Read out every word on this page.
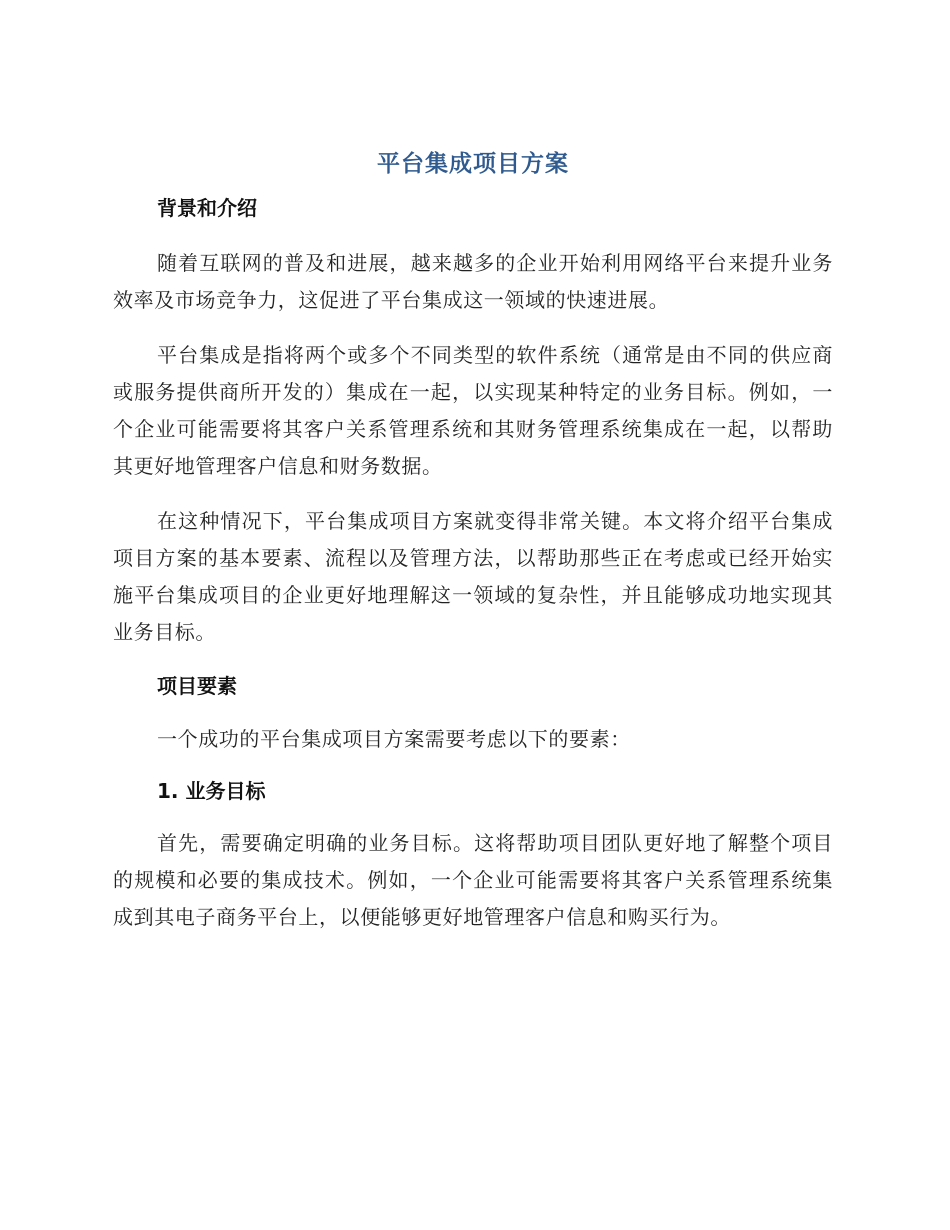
平台集成项目方案
背景和介绍

随着互联网的普及和进展，越来越多的企业开始利用网络平台来提升业务效率及市场竞争力，这促进了平台集成这一领域的快速进展。

平台集成是指将两个或多个不同类型的软件系统（通常是由不同的供应商或服务提供商所开发的）集成在一起，以实现某种特定的业务目标。例如，一个企业可能需要将其客户关系管理系统和其财务管理系统集成在一起，以帮助其更好地管理客户信息和财务数据。

在这种情况下，平台集成项目方案就变得非常关键。本文将介绍平台集成项目方案的基本要素、流程以及管理方法，以帮助那些正在考虑或已经开始实施平台集成项目的企业更好地理解这一领域的复杂性，并且能够成功地实现其业务目标。

项目要素

一个成功的平台集成项目方案需要考虑以下的要素：

1. 业务目标

首先，需要确定明确的业务目标。这将帮助项目团队更好地了解整个项目的规模和必要的集成技术。例如，一个企业可能需要将其客户关系管理系统集成到其电子商务平台上，以便能够更好地管理客户信息和购买行为。
